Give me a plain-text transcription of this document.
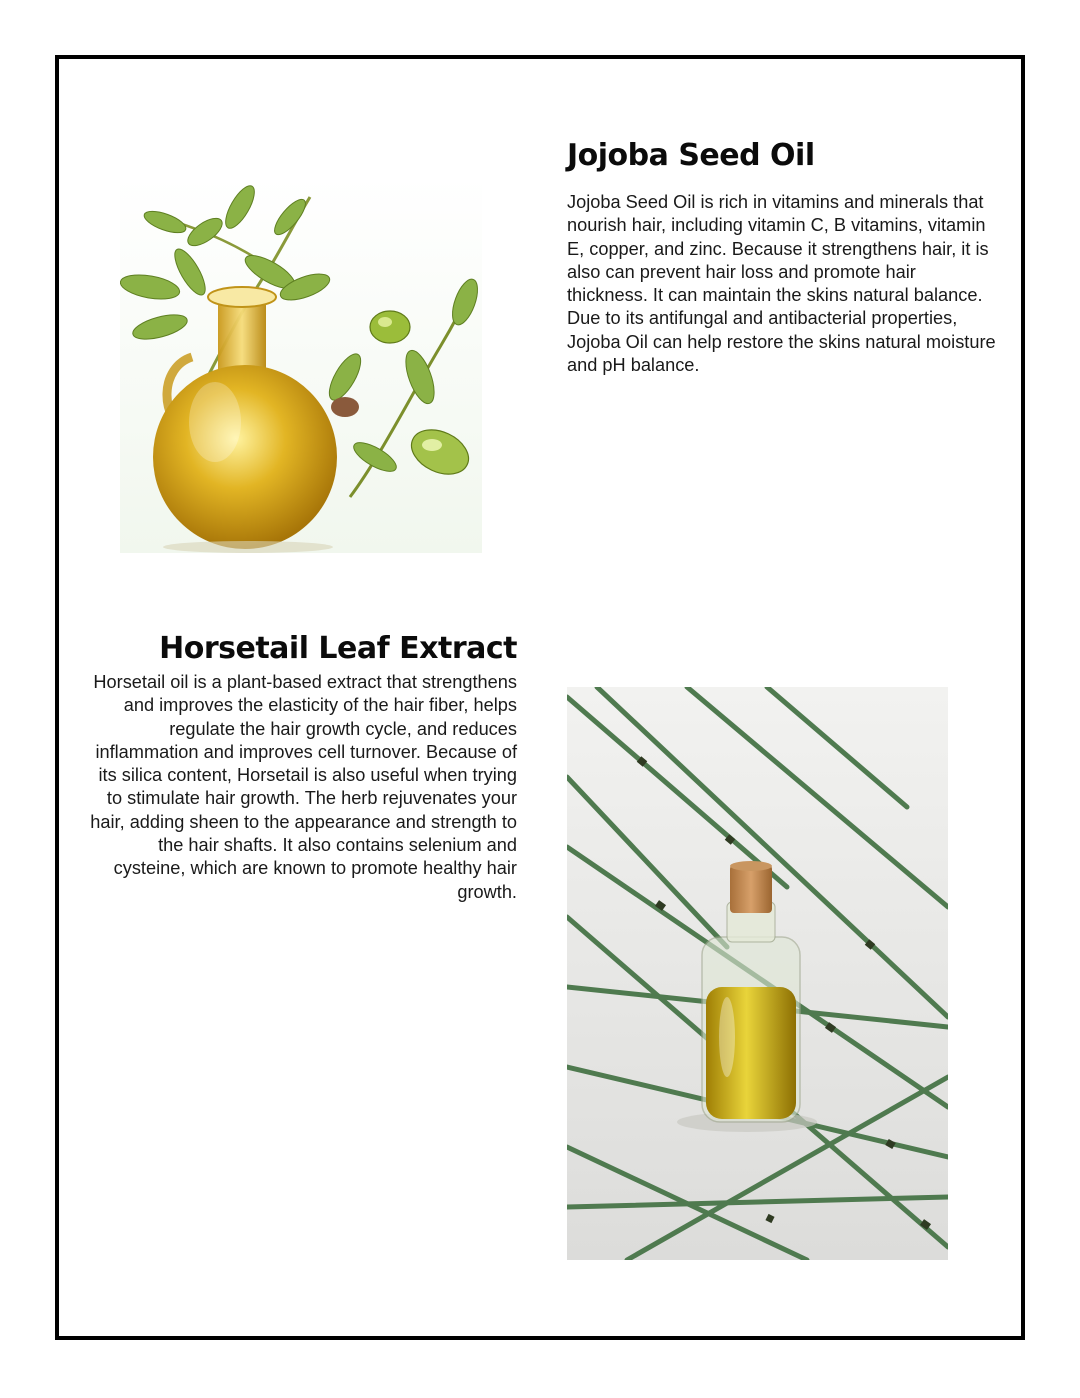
Jojoba Seed Oil

Jojoba Seed Oil is rich in vitamins and minerals that nourish hair, including vitamin C, B vitamins, vitamin E, copper, and zinc. Because it strengthens hair, it is also can prevent hair loss and promote hair thickness. It can maintain the skins natural balance. Due to its antifungal and antibacterial properties, Jojoba Oil can help restore the skins natural moisture and pH balance.

Horsetail Leaf Extract

Horsetail oil is a plant-based extract that strengthens and improves the elasticity of the hair fiber, helps regulate the hair growth cycle, and reduces inflammation and improves cell turnover. Because of its silica content, Horsetail is also useful when trying to stimulate hair growth. The herb rejuvenates your hair, adding sheen to the appearance and strength to the hair shafts. It also contains selenium and cysteine, which are known to promote healthy hair growth.
